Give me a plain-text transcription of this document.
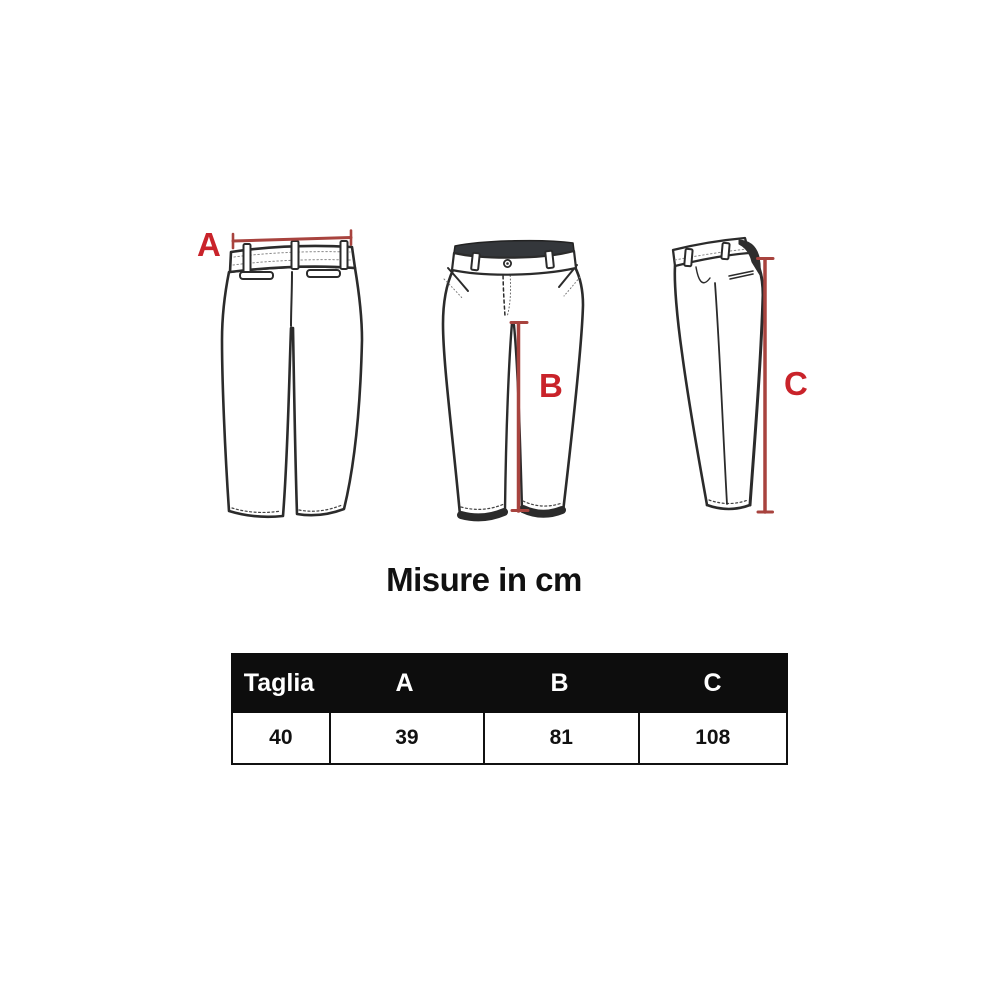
A
B	C
Misure in cm
Taglia	A	B	C
40	39	81	108
